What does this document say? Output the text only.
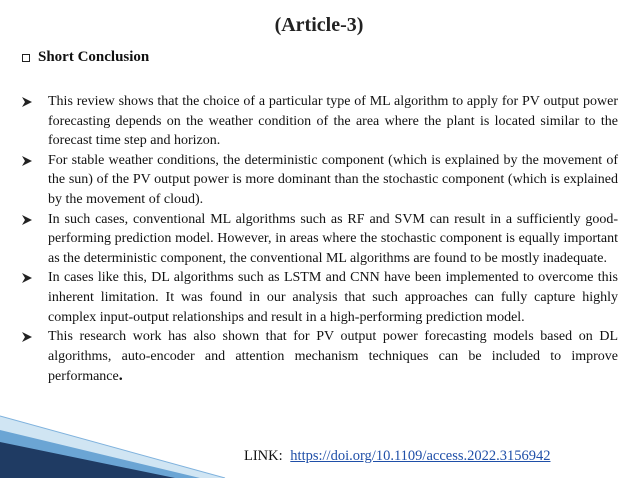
(Article-3)
Short Conclusion
This review shows that the choice of a particular type of ML algorithm to apply for PV output power forecasting depends on the weather condition of the area where the plant is located similar to the forecast time step and horizon.
For stable weather conditions, the deterministic component (which is explained by the movement of the sun) of the PV output power is more dominant than the stochastic component (which is explained by the movement of cloud).
In such cases, conventional ML algorithms such as RF and SVM can result in a sufficiently good-performing prediction model. However, in areas where the stochastic component is equally important as the deterministic component, the conventional ML algorithms are found to be mostly inadequate.
In cases like this, DL algorithms such as LSTM and CNN have been implemented to overcome this inherent limitation. It was found in our analysis that such approaches can fully capture highly complex input-output relationships and result in a high-performing prediction model.
This research work has also shown that for PV output power forecasting models based on DL algorithms, auto-encoder and attention mechanism techniques can be included to improve performance.
LINK: https://doi.org/10.1109/access.2022.3156942
